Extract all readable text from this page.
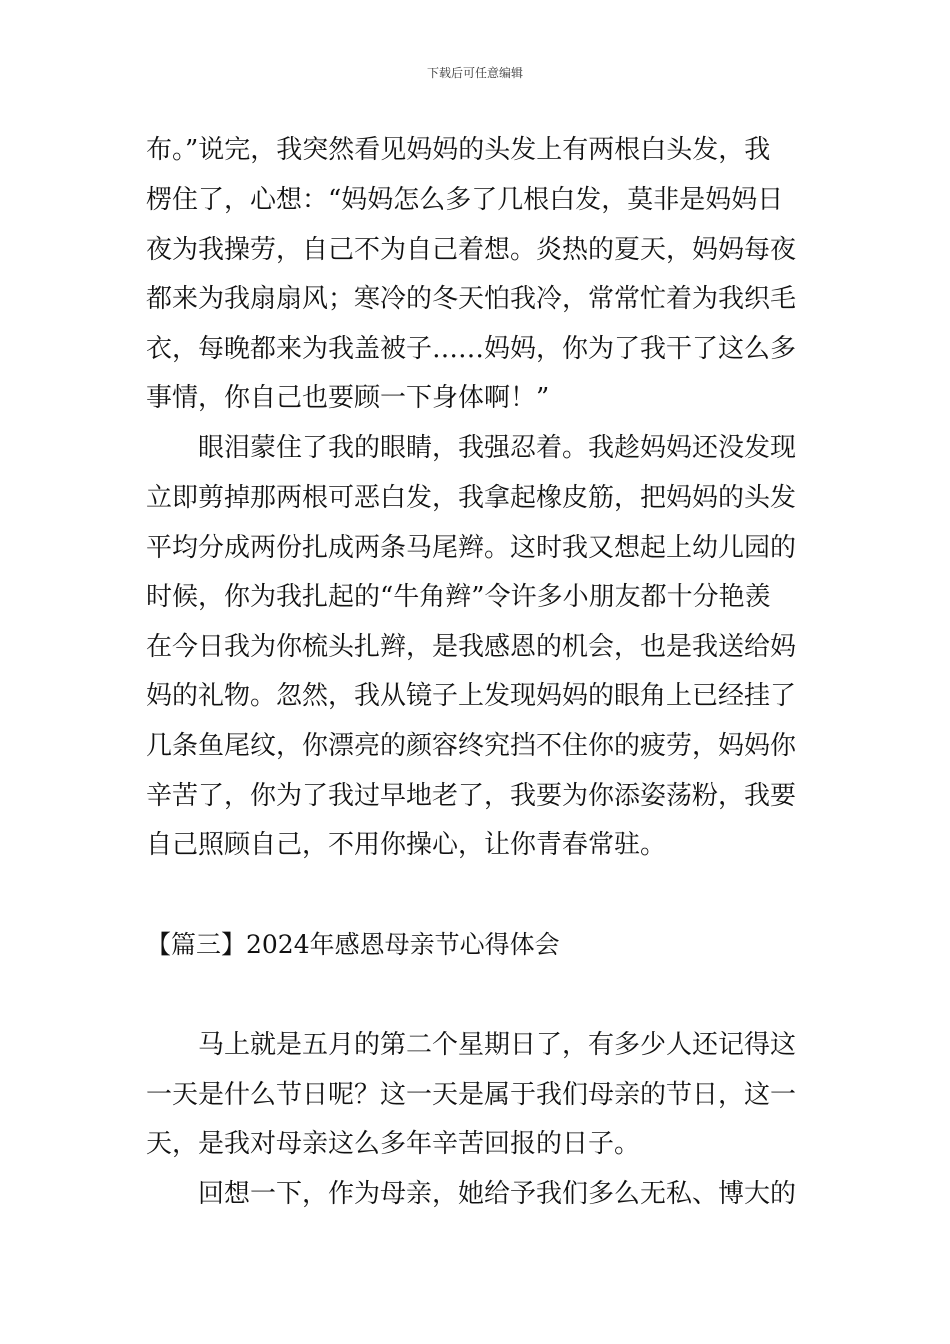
下载后可任意编辑
布。”说完，我突然看见妈妈的头发上有两根白头发，我
楞住了，心想：“妈妈怎么多了几根白发，莫非是妈妈日
夜为我操劳，自己不为自己着想。炎热的夏天，妈妈每夜
都来为我扇扇风；寒冷的冬天怕我冷，常常忙着为我织毛
衣，每晚都来为我盖被子……妈妈，你为了我干了这么多
事情，你自己也要顾一下身体啊！”
眼泪蒙住了我的眼睛，我强忍着。我趁妈妈还没发现
立即剪掉那两根可恶白发，我拿起橡皮筋，把妈妈的头发
平均分成两份扎成两条马尾辫。这时我又想起上幼儿园的
时候，你为我扎起的“牛角辫”令许多小朋友都十分艳羡
在今日我为你梳头扎辫，是我感恩的机会，也是我送给妈
妈的礼物。忽然，我从镜子上发现妈妈的眼角上已经挂了
几条鱼尾纹，你漂亮的颜容终究挡不住你的疲劳，妈妈你
辛苦了，你为了我过早地老了，我要为你添姿荡粉，我要
自己照顾自己，不用你操心，让你青春常驻。
【篇三】2024年感恩母亲节心得体会
马上就是五月的第二个星期日了，有多少人还记得这
一天是什么节日呢？这一天是属于我们母亲的节日，这一
天，是我对母亲这么多年辛苦回报的日子。
回想一下，作为母亲，她给予我们多么无私、博大的
